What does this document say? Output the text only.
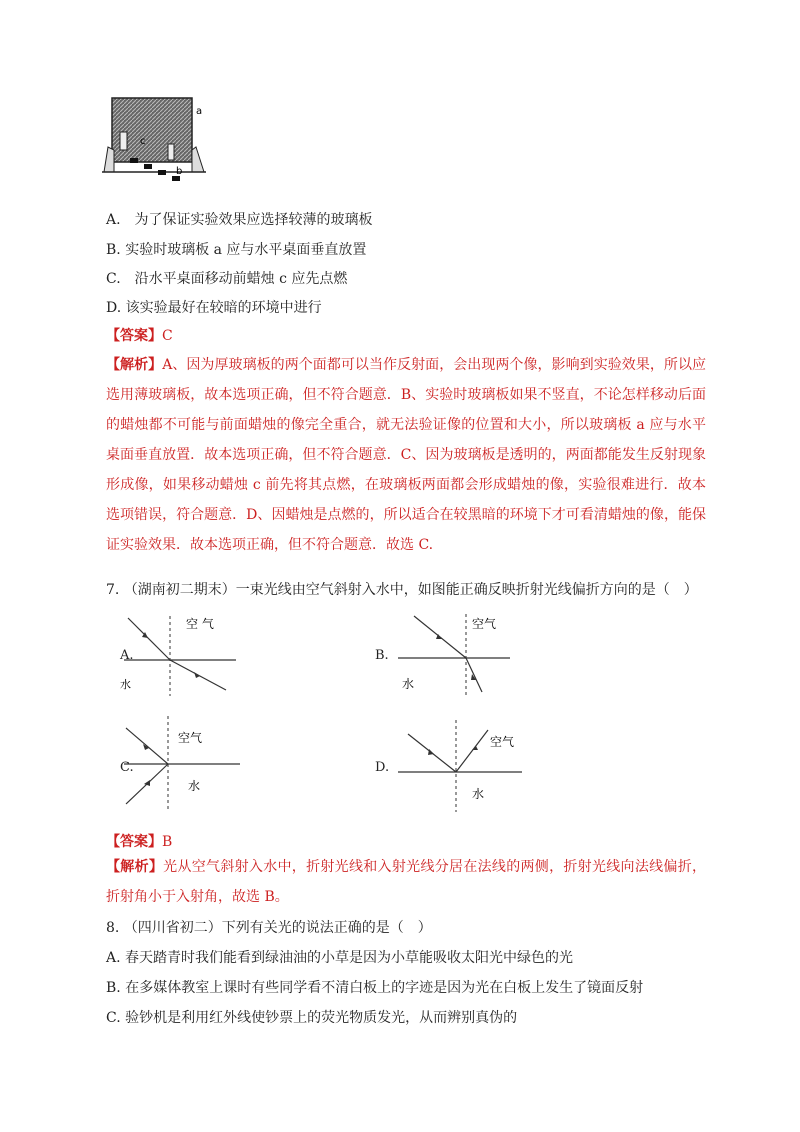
a
b
c
A.　为了保证实验效果应选择较薄的玻璃板
B. 实验时玻璃板 a 应与水平桌面垂直放置
C.　沿水平桌面移动前蜡烛 c 应先点燃
D. 该实验最好在较暗的环境中进行
【答案】C
【解析】A、因为厚玻璃板的两个面都可以当作反射面，会出现两个像，影响到实验效果，所以应选用薄玻璃板，故本选项正确，但不符合题意．B、实验时玻璃板如果不竖直，不论怎样移动后面的蜡烛都不可能与前面蜡烛的像完全重合，就无法验证像的位置和大小，所以玻璃板 a 应与水平桌面垂直放置．故本选项正确，但不符合题意．C、因为玻璃板是透明的，两面都能发生反射现象形成像，如果移动蜡烛 c 前先将其点燃，在玻璃板两面都会形成蜡烛的像，实验很难进行．故本选项错误，符合题意．D、因蜡烛是点燃的，所以适合在较黑暗的环境下才可看清蜡烛的像，能保证实验效果．故本选项正确，但不符合题意．故选 C.
7. （湖南初二期末）一束光线由空气斜射入水中，如图能正确反映折射光线偏折方向的是（　）
A.
空 气
水
B.
空气
水
C.
空气
水
D.
空气
水
【答案】B
【解析】光从空气斜射入水中，折射光线和入射光线分居在法线的两侧，折射光线向法线偏折，折射角小于入射角，故选 B。
8. （四川省初二）下列有关光的说法正确的是（　）
A. 春天踏青时我们能看到绿油油的小草是因为小草能吸收太阳光中绿色的光
B. 在多媒体教室上课时有些同学看不清白板上的字迹是因为光在白板上发生了镜面反射
C. 验钞机是利用红外线使钞票上的荧光物质发光，从而辨别真伪的
